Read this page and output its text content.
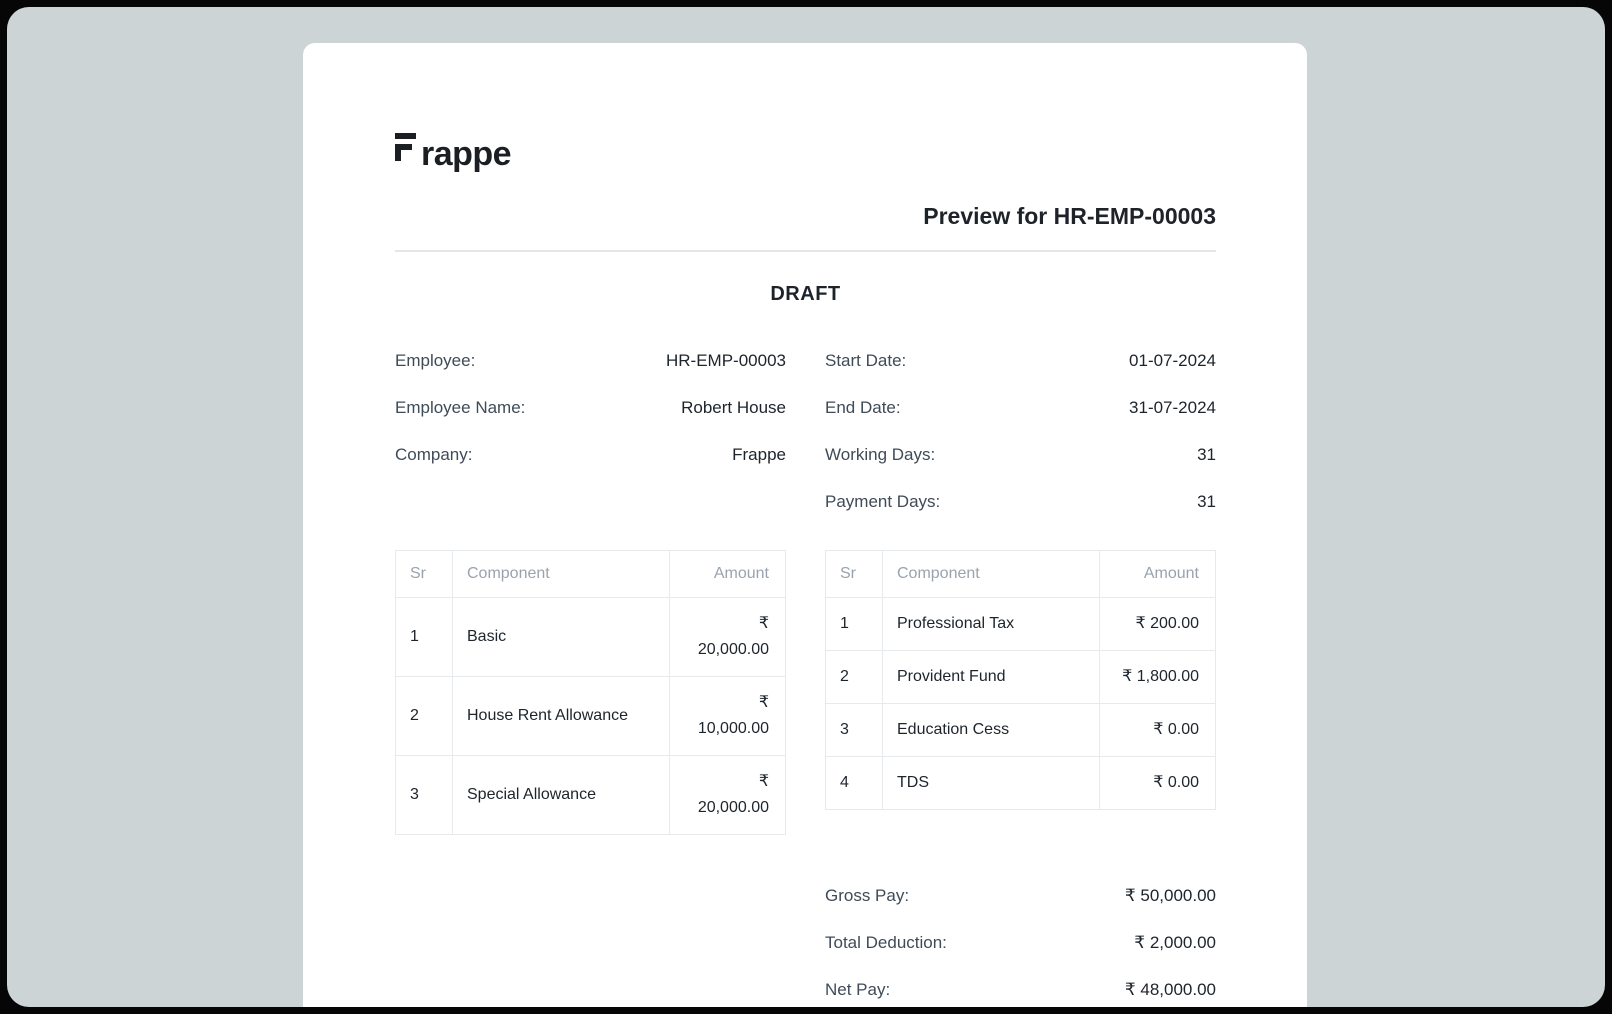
rappe
Preview for HR-EMP-00003
DRAFT
Employee:	HR-EMP-00003
Employee Name:	Robert House
Company:	Frappe
Start Date:	01-07-2024
End Date:	31-07-2024
Working Days:	31
Payment Days:	31
Sr	Component	Amount
1	Basic	₹ 20,000.00
2	House Rent Allowance	₹ 10,000.00
3	Special Allowance	₹ 20,000.00
Sr	Component	Amount
1	Professional Tax	₹ 200.00
2	Provident Fund	₹ 1,800.00
3	Education Cess	₹ 0.00
4	TDS	₹ 0.00
Gross Pay:	₹ 50,000.00
Total Deduction:	₹ 2,000.00
Net Pay:	₹ 48,000.00
